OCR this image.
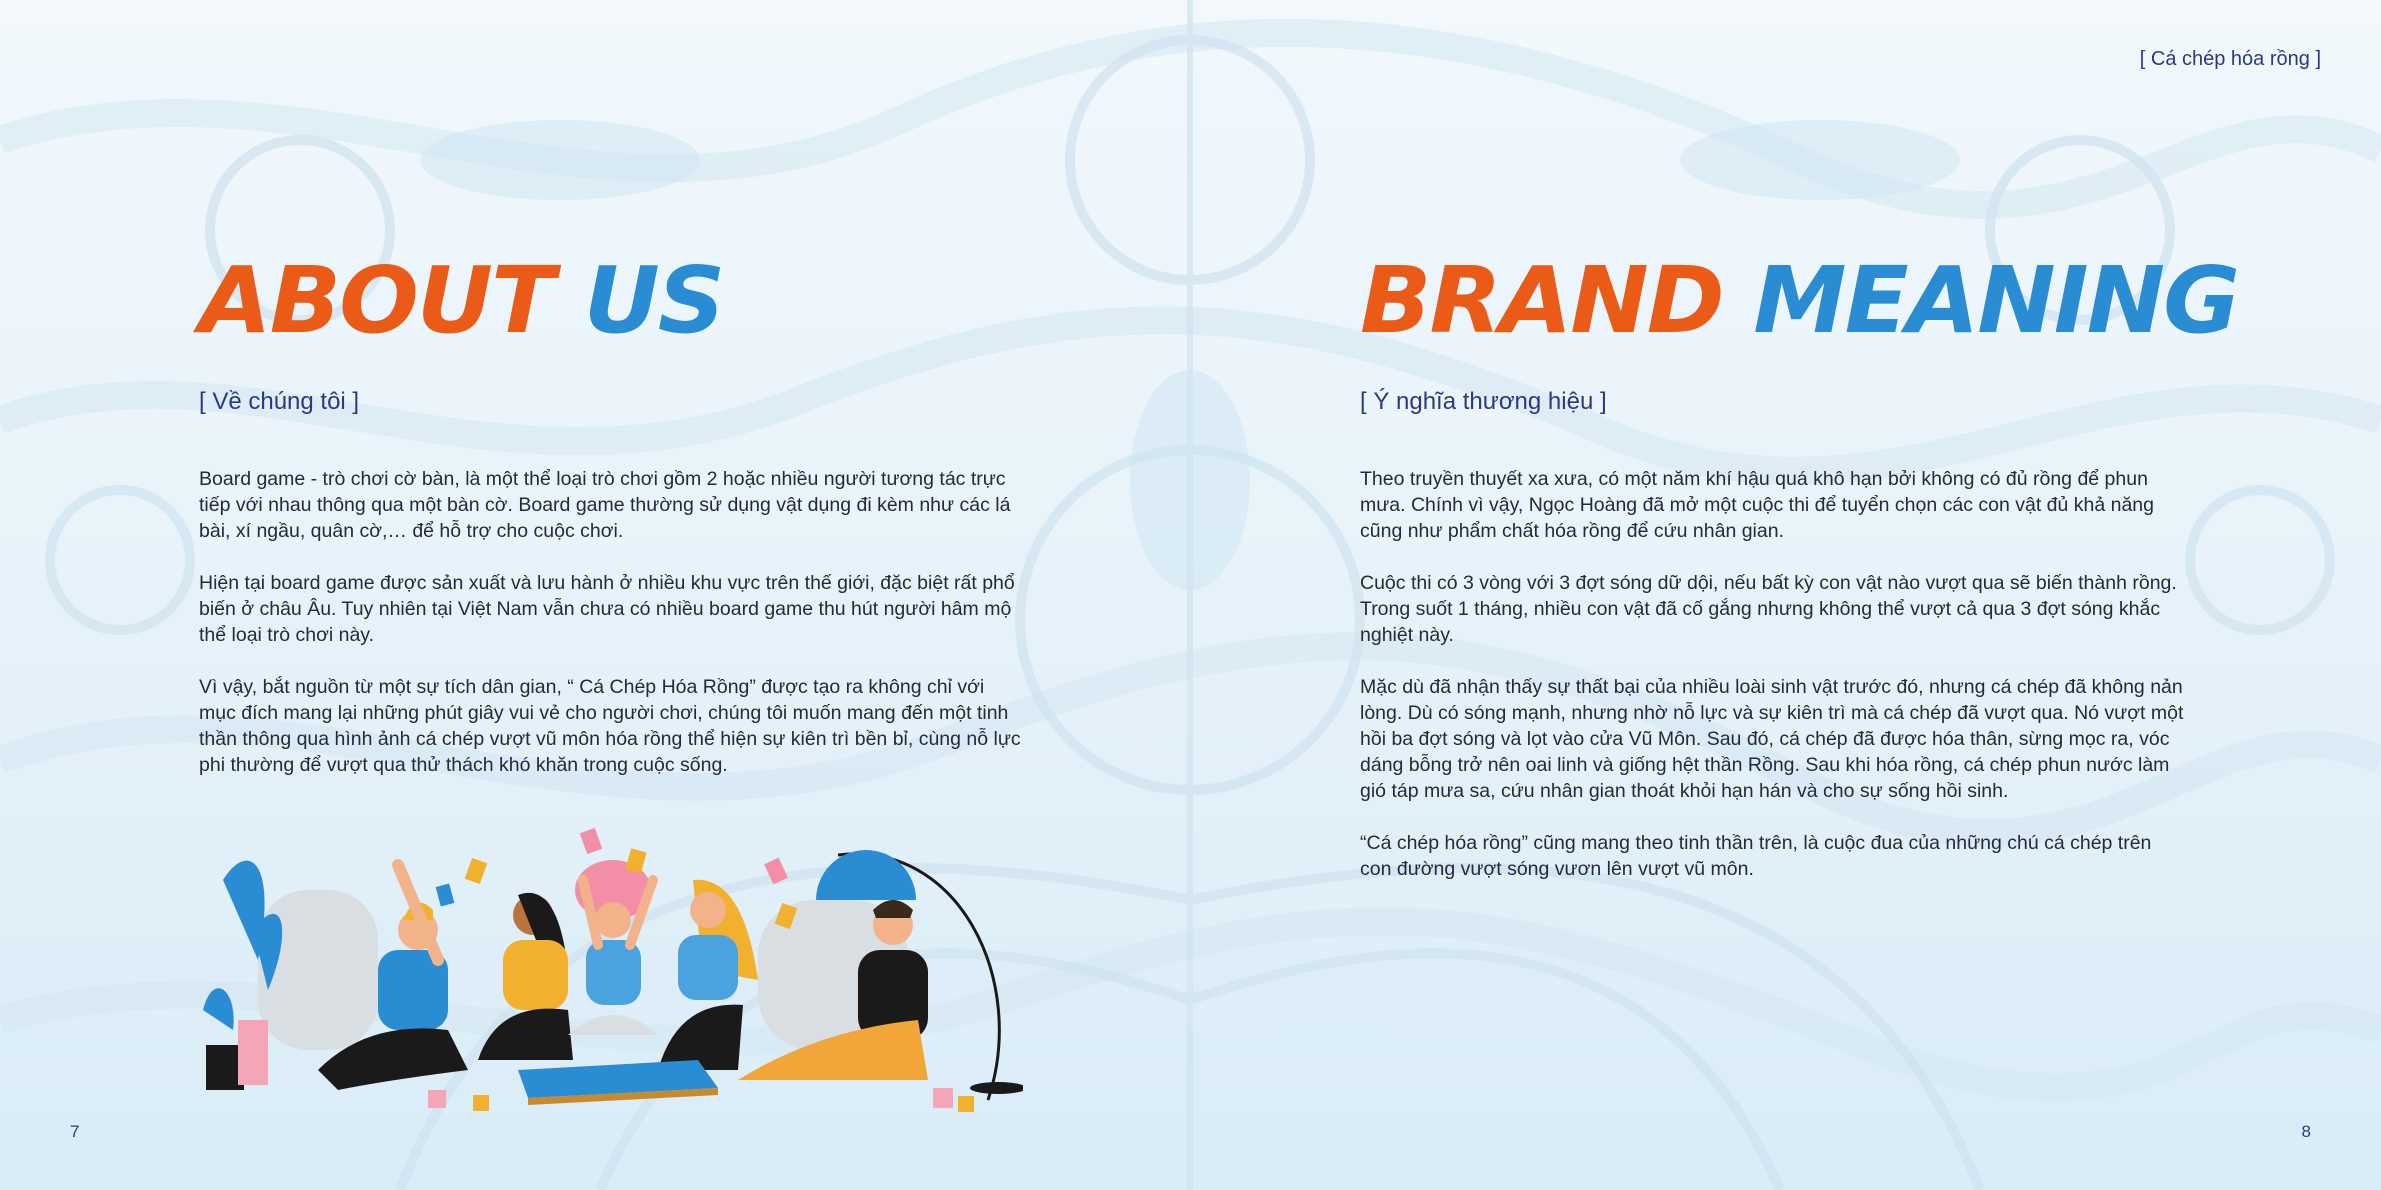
ABOUT US
[ Về chúng tôi ]

Board game - trò chơi cờ bàn, là một thể loại trò chơi gồm 2 hoặc nhiều người tương tác trực tiếp với nhau thông qua một bàn cờ. Board game thường sử dụng vật dụng đi kèm như các lá bài, xí ngầu, quân cờ,… để hỗ trợ cho cuộc chơi.

Hiện tại board game được sản xuất và lưu hành ở nhiều khu vực trên thế giới, đặc biệt rất phổ biến ở châu Âu. Tuy nhiên tại Việt Nam vẫn chưa có nhiều board game thu hút người hâm mộ thể loại trò chơi này.

Vì vậy, bắt nguồn từ một sự tích dân gian, “ Cá Chép Hóa Rồng” được tạo ra không chỉ với mục đích mang lại những phút giây vui vẻ cho người chơi, chúng tôi muốn mang đến một tinh thần thông qua hình ảnh cá chép vượt vũ môn hóa rồng thể hiện sự kiên trì bền bỉ, cùng nỗ lực phi thường để vượt qua thử thách khó khăn trong cuộc sống.

7
[ Cá chép hóa rồng ]
BRAND MEANING
[ Ý nghĩa thương hiệu ]

Theo truyền thuyết xa xưa, có một năm khí hậu quá khô hạn bởi không có đủ rồng để phun mưa. Chính vì vậy, Ngọc Hoàng đã mở một cuộc thi để tuyển chọn các con vật đủ khả năng cũng như phẩm chất hóa rồng để cứu nhân gian.

Cuộc thi có 3 vòng với 3 đợt sóng dữ dội, nếu bất kỳ con vật nào vượt qua sẽ biến thành rồng. Trong suốt 1 tháng, nhiều con vật đã cố gắng nhưng không thể vượt cả qua 3 đợt sóng khắc nghiệt này.

Mặc dù đã nhận thấy sự thất bại của nhiều loài sinh vật trước đó, nhưng cá chép đã không nản lòng. Dù có sóng mạnh, nhưng nhờ nỗ lực và sự kiên trì mà cá chép đã vượt qua. Nó vượt một hồi ba đợt sóng và lọt vào cửa Vũ Môn. Sau đó, cá chép đã được hóa thân, sừng mọc ra, vóc dáng bỗng trở nên oai linh và giống hệt thần Rồng. Sau khi hóa rồng, cá chép phun nước làm gió táp mưa sa, cứu nhân gian thoát khỏi hạn hán và cho sự sống hồi sinh.

“Cá chép hóa rồng” cũng mang theo tinh thần trên, là cuộc đua của những chú cá chép trên con đường vượt sóng vươn lên vượt vũ môn.

8
